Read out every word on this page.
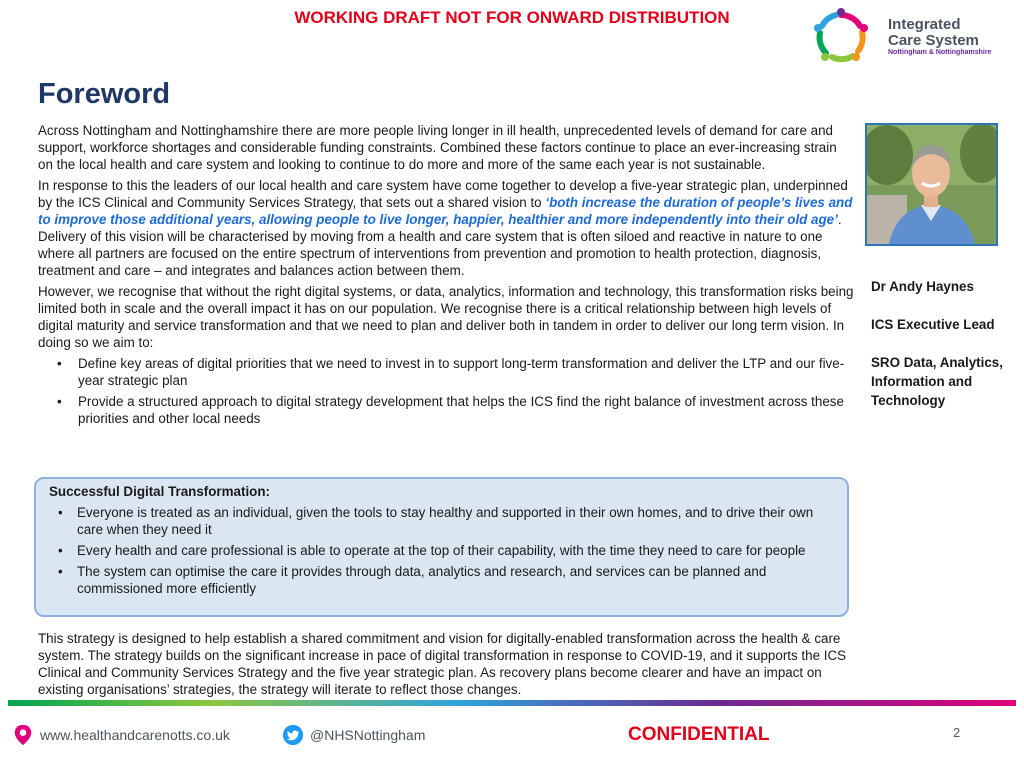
WORKING DRAFT NOT FOR ONWARD DISTRIBUTION	Integrated
Care System
Nottingham & Nottinghamshire
Foreword

Across Nottingham and Nottinghamshire there are more people living longer in ill health, unprecedented levels of demand for care and support, workforce shortages and considerable funding constraints. Combined these factors continue to place an ever-increasing strain on the local health and care system and looking to continue to do more and more of the same each year is not sustainable.

In response to this the leaders of our local health and care system have come together to develop a five-year strategic plan, underpinned by the ICS Clinical and Community Services Strategy, that sets out a shared vision to ‘both increase the duration of people’s lives and to improve those additional years, allowing people to live longer, happier, healthier and more independently into their old age’. Delivery of this vision will be characterised by moving from a health and care system that is often siloed and reactive in nature to one where all partners are focused on the entire spectrum of interventions from prevention and promotion to health protection, diagnosis, treatment and care – and integrates and balances action between them.

However, we recognise that without the right digital systems, or data, analytics, information and technology, this transformation risks being limited both in scale and the overall impact it has on our population. We recognise there is a critical relationship between high levels of digital maturity and service transformation and that we need to plan and deliver both in tandem in order to deliver our long term vision. In doing so we aim to:

• Define key areas of digital priorities that we need to invest in to support long-term transformation and deliver the LTP and our five-year strategic plan
• Provide a structured approach to digital strategy development that helps the ICS find the right balance of investment across these priorities and other local needs
Successful Digital Transformation:
• Everyone is treated as an individual, given the tools to stay healthy and supported in their own homes, and to drive their own care when they need it
• Every health and care professional is able to operate at the top of their capability, with the time they need to care for people
• The system can optimise the care it provides through data, analytics and research, and services can be planned and commissioned more efficiently
This strategy is designed to help establish a shared commitment and vision for digitally-enabled transformation across the health & care system. The strategy builds on the significant increase in pace of digital transformation in response to COVID-19, and it supports the ICS Clinical and Community Services Strategy and the five year strategic plan. As recovery plans become clearer and have an impact on existing organisations’ strategies, the strategy will iterate to reflect those changes.
Dr Andy Haynes
ICS Executive Lead
SRO Data, Analytics, Information and Technology
www.healthandcarenotts.co.uk	@NHSNottingham	CONFIDENTIAL	2
